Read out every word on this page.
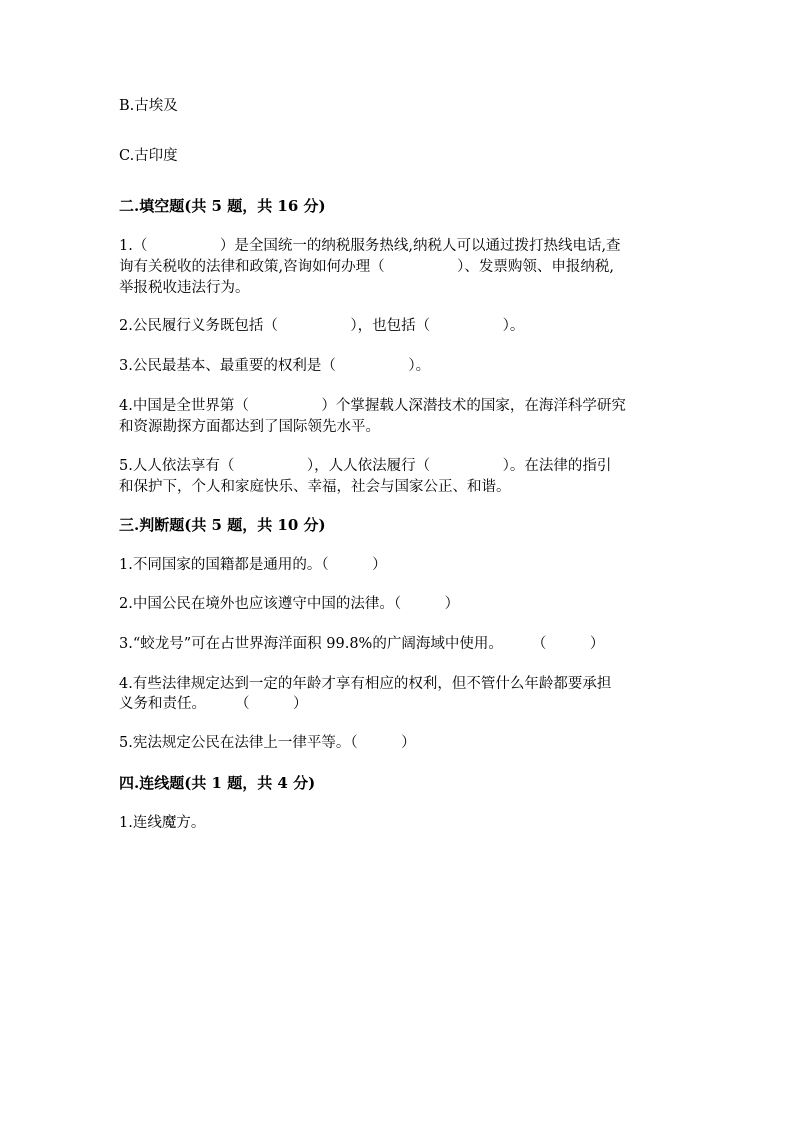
B.古埃及
C.古印度
二.填空题(共 5 题，共 16 分)
1.（　　　　　）是全国统一的纳税服务热线,纳税人可以通过拨打热线电话,查
询有关税收的法律和政策,咨询如何办理（　　　　　）、发票购领、申报纳税,
举报税收违法行为。
2.公民履行义务既包括（　　　　　），也包括（　　　　　）。
3.公民最基本、最重要的权利是（　　　　　）。
4.中国是全世界第（　　　　　）个掌握载人深潜技术的国家，在海洋科学研究
和资源勘探方面都达到了国际领先水平。
5.人人依法享有（　　　　　），人人依法履行（　　　　　）。在法律的指引
和保护下，个人和家庭快乐、幸福，社会与国家公正、和谐。
三.判断题(共 5 题，共 10 分)
1.不同国家的国籍都是通用的。（　　　）
2.中国公民在境外也应该遵守中国的法律。（　　　）
3.“蛟龙号”可在占世界海洋面积 99.8%的广阔海域中使用。　　　（　　　）
4.有些法律规定达到一定的年龄才享有相应的权利，但不管什么年龄都要承担
义务和责任。　　　（　　　）
5.宪法规定公民在法律上一律平等。（　　　）
四.连线题(共 1 题，共 4 分)
1.连线魔方。
